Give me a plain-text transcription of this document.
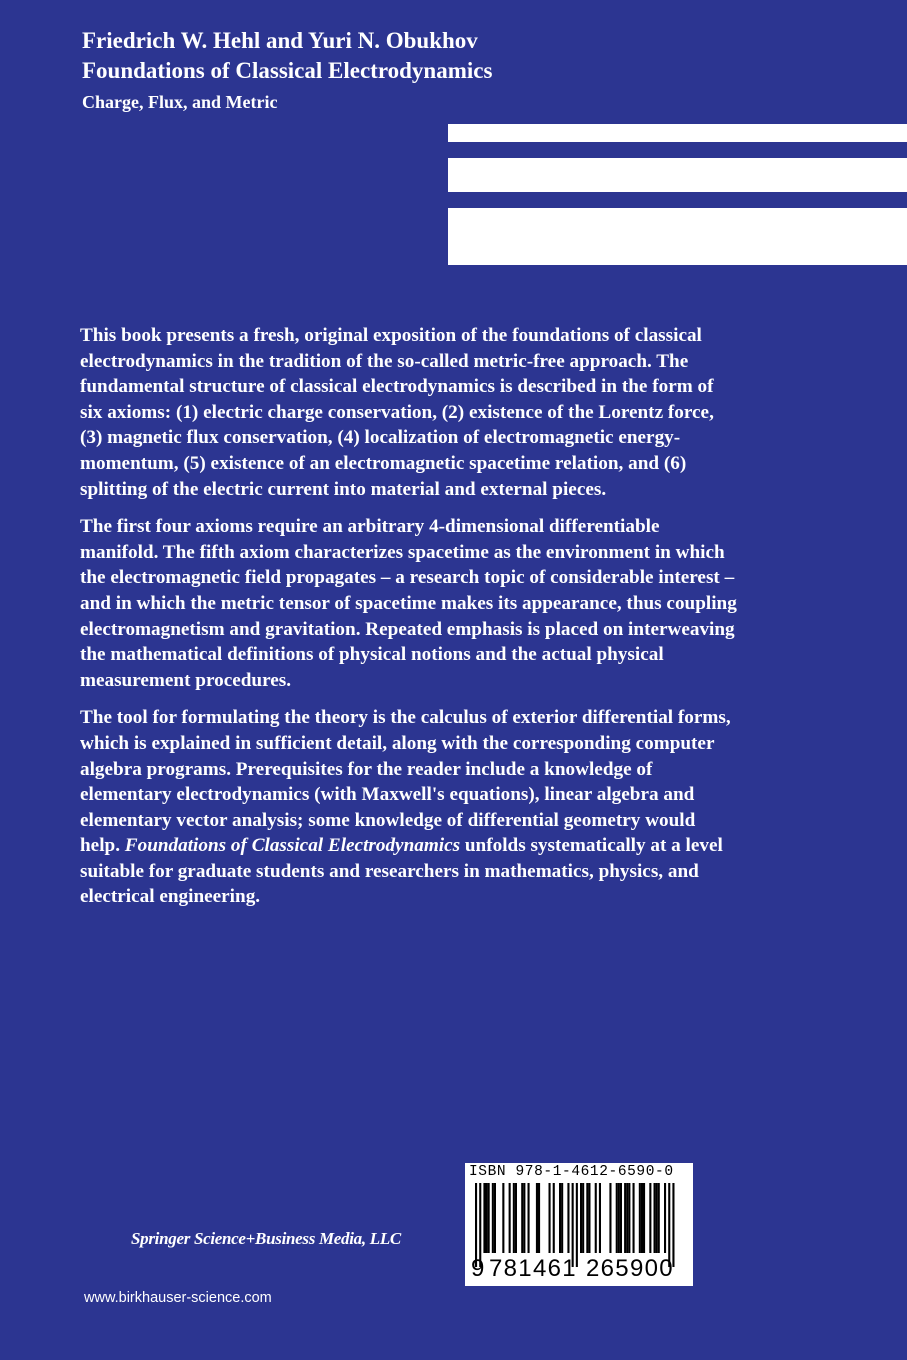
Friedrich W. Hehl and Yuri N. Obukhov
Foundations of Classical Electrodynamics
Charge, Flux, and Metric

This book presents a fresh, original exposition of the foundations of classical electrodynamics in the tradition of the so-called metric-free approach. The fundamental structure of classical electrodynamics is described in the form of six axioms: (1) electric charge conservation, (2) existence of the Lorentz force, (3) magnetic flux conservation, (4) localization of electromagnetic energy-momentum, (5) existence of an electromagnetic spacetime relation, and (6) splitting of the electric current into material and external pieces.

The first four axioms require an arbitrary 4-dimensional differentiable manifold. The fifth axiom characterizes spacetime as the environment in which the electromagnetic field propagates – a research topic of considerable interest – and in which the metric tensor of spacetime makes its appearance, thus coupling electromagnetism and gravitation. Repeated emphasis is placed on interweaving the mathematical definitions of physical notions and the actual physical measurement procedures.

The tool for formulating the theory is the calculus of exterior differential forms, which is explained in sufficient detail, along with the corresponding computer algebra programs. Prerequisites for the reader include a knowledge of elementary electrodynamics (with Maxwell's equations), linear algebra and elementary vector analysis; some knowledge of differential geometry would help. Foundations of Classical Electrodynamics unfolds systematically at a level suitable for graduate students and researchers in mathematics, physics, and electrical engineering.

Springer Science+Business Media, LLC
www.birkhauser-science.com
ISBN 978-1-4612-6590-0
9 781461 265900
